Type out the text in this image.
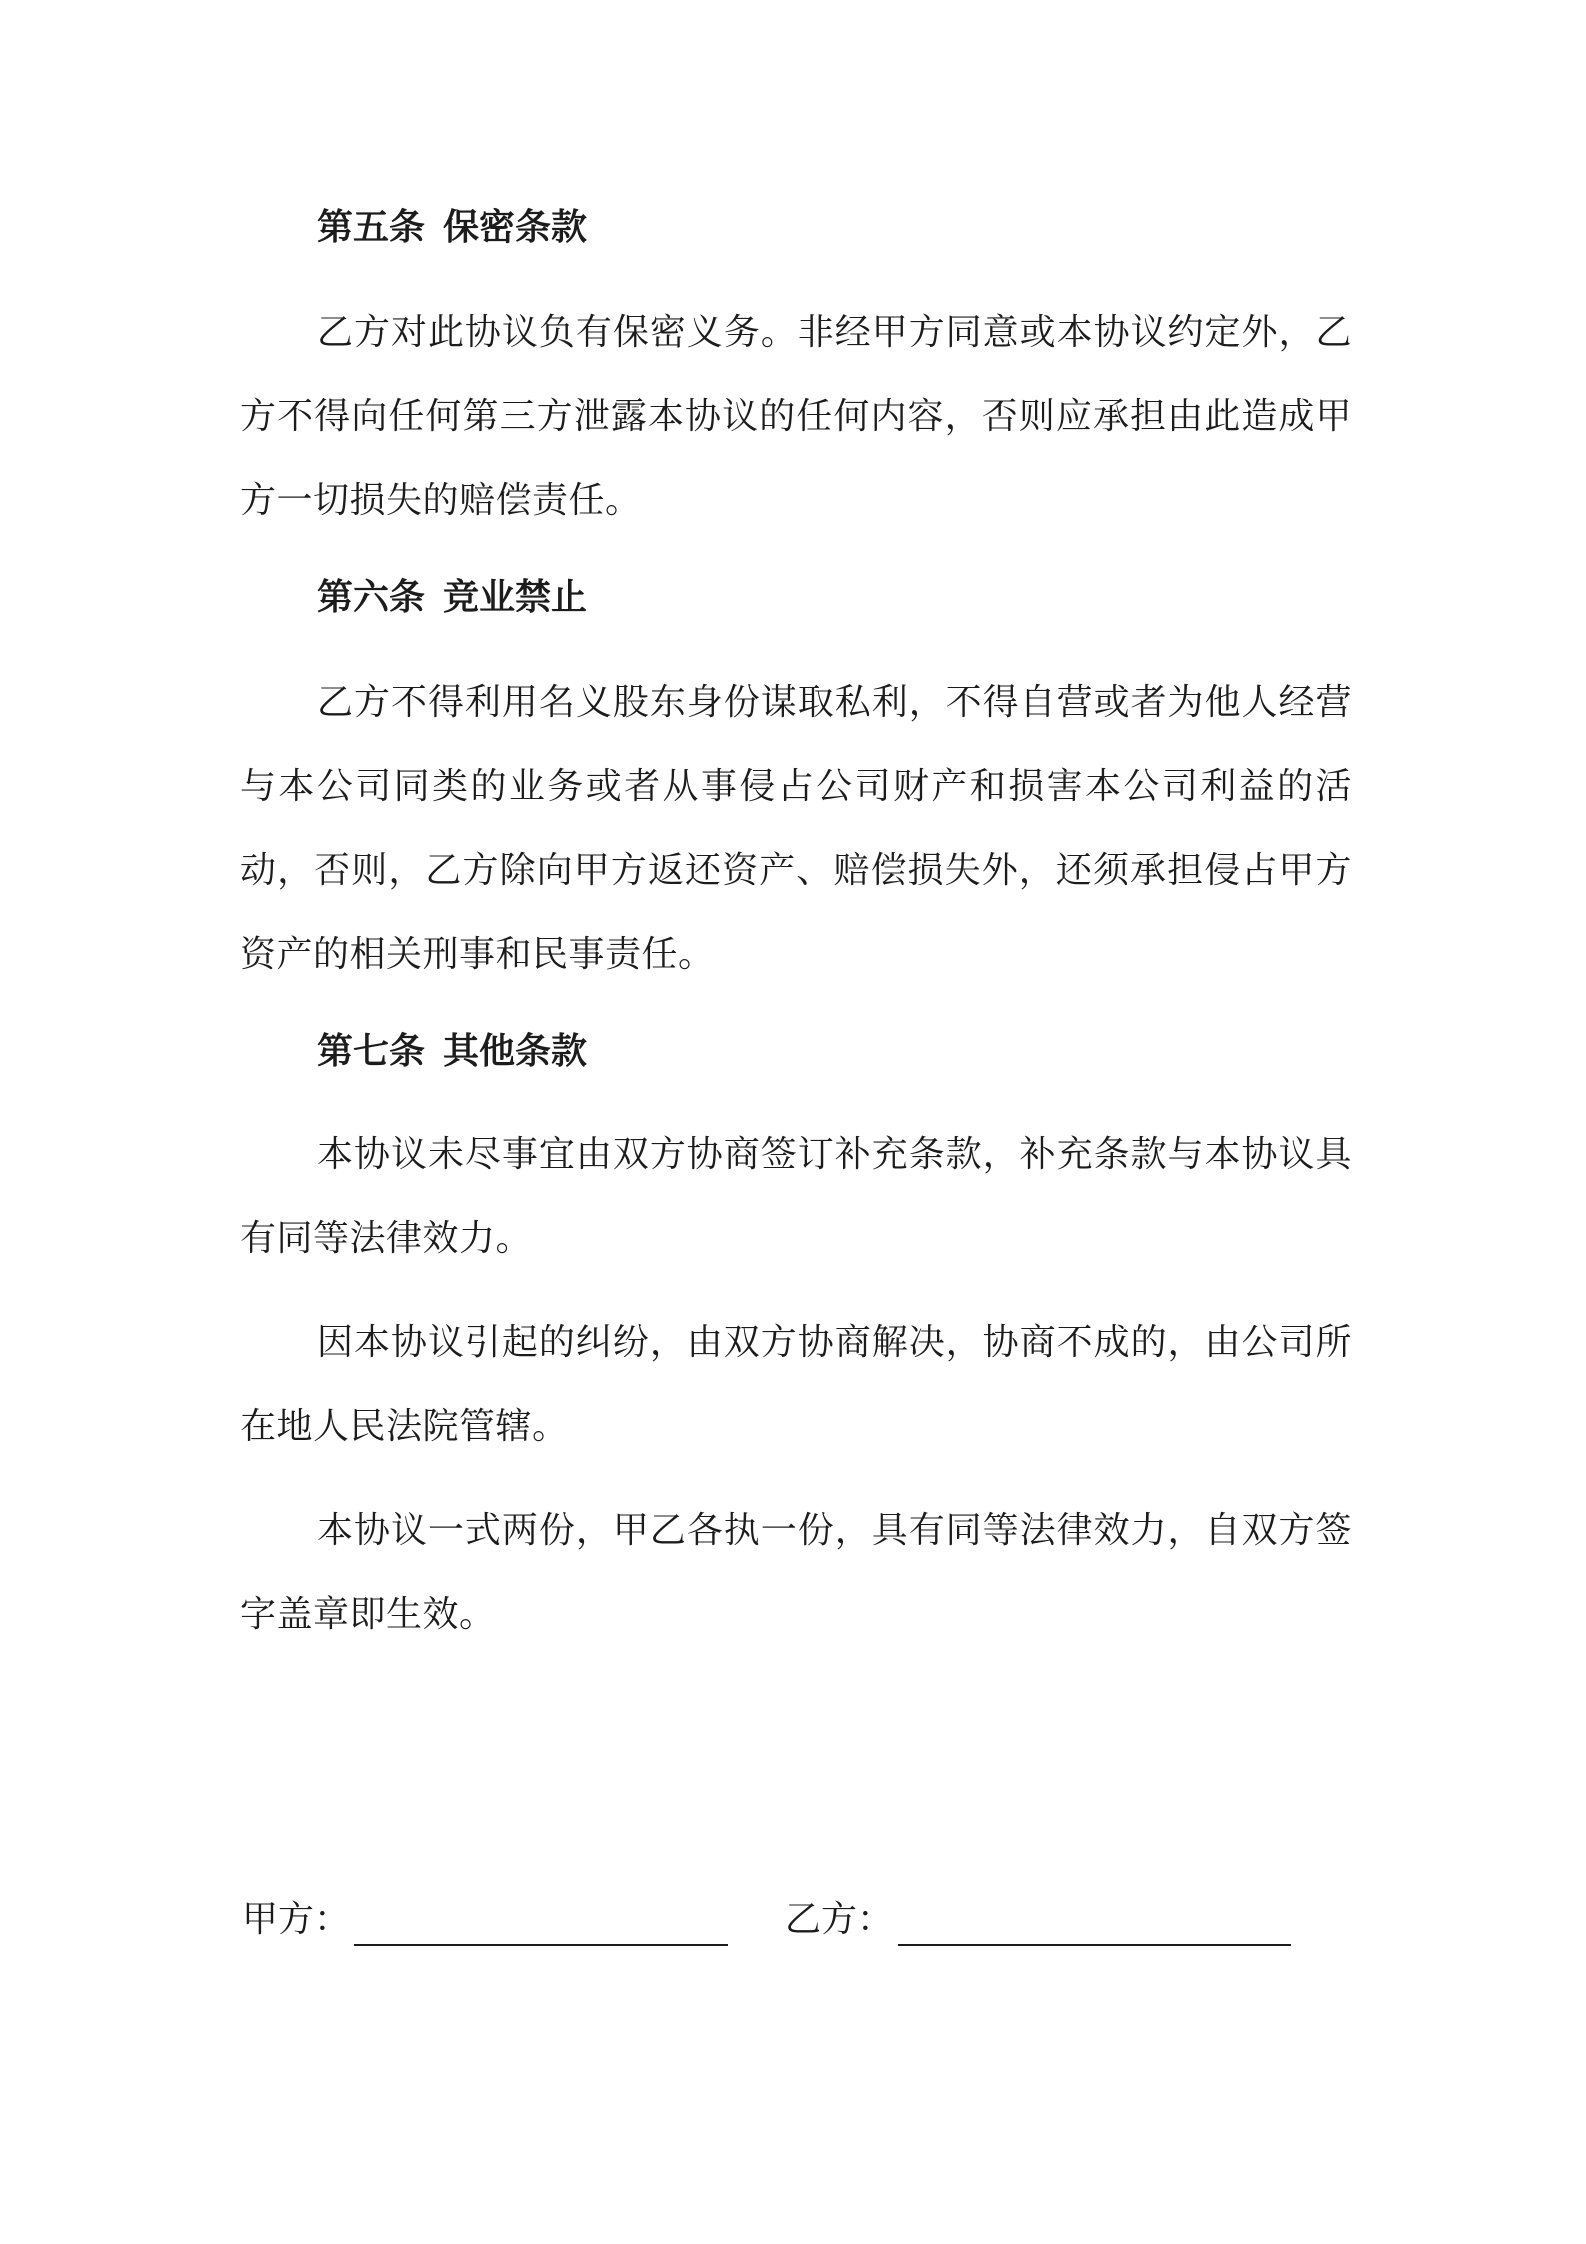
第五条 保密条款
乙方对此协议负有保密义务。非经甲方同意或本协议约定外，乙方不得向任何第三方泄露本协议的任何内容，否则应承担由此造成甲方一切损失的赔偿责任。
第六条 竞业禁止
乙方不得利用名义股东身份谋取私利，不得自营或者为他人经营与本公司同类的业务或者从事侵占公司财产和损害本公司利益的活动，否则，乙方除向甲方返还资产、赔偿损失外，还须承担侵占甲方资产的相关刑事和民事责任。
第七条 其他条款
本协议未尽事宜由双方协商签订补充条款，补充条款与本协议具有同等法律效力。
因本协议引起的纠纷，由双方协商解决，协商不成的，由公司所在地人民法院管辖。
本协议一式两份，甲乙各执一份，具有同等法律效力，自双方签字盖章即生效。
甲方：	乙方：
